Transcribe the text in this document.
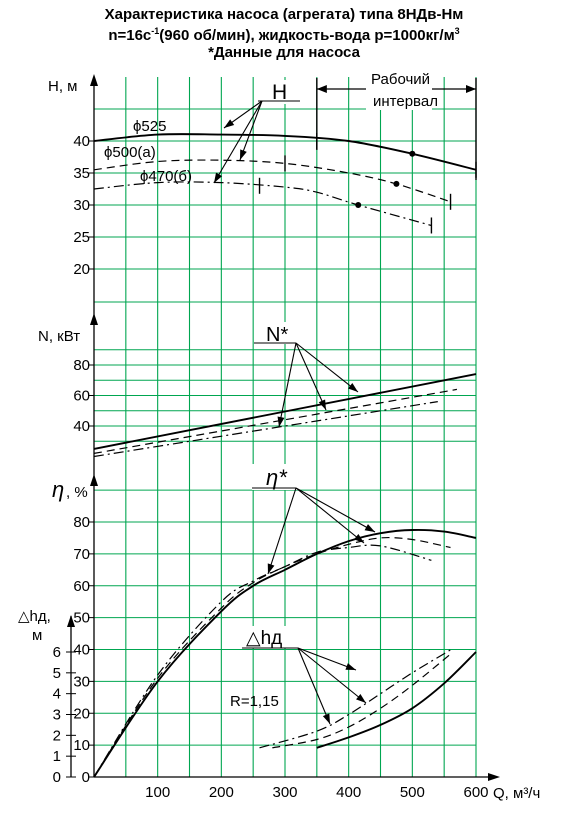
Характеристика насоса (агрегата) типа 8НДв-Нм
$n=16c^{-1}(960$ об/мин), жидкость-вода $р=1000кг/м^3$
*Данные для насоса
20
25
30
35
40
40
60
80
0
10
20
30
40
50
60
70
80
0
1
2
3
4
5
6
100	200	300	400	500	600
Н, м
N, кВт
η , %
△hд,
м
Q, м³/ч
Рабочий
интервал
Н
N*
η*
△hд
R=1,15
ϕ525
ϕ500(а)
ϕ470(б)
